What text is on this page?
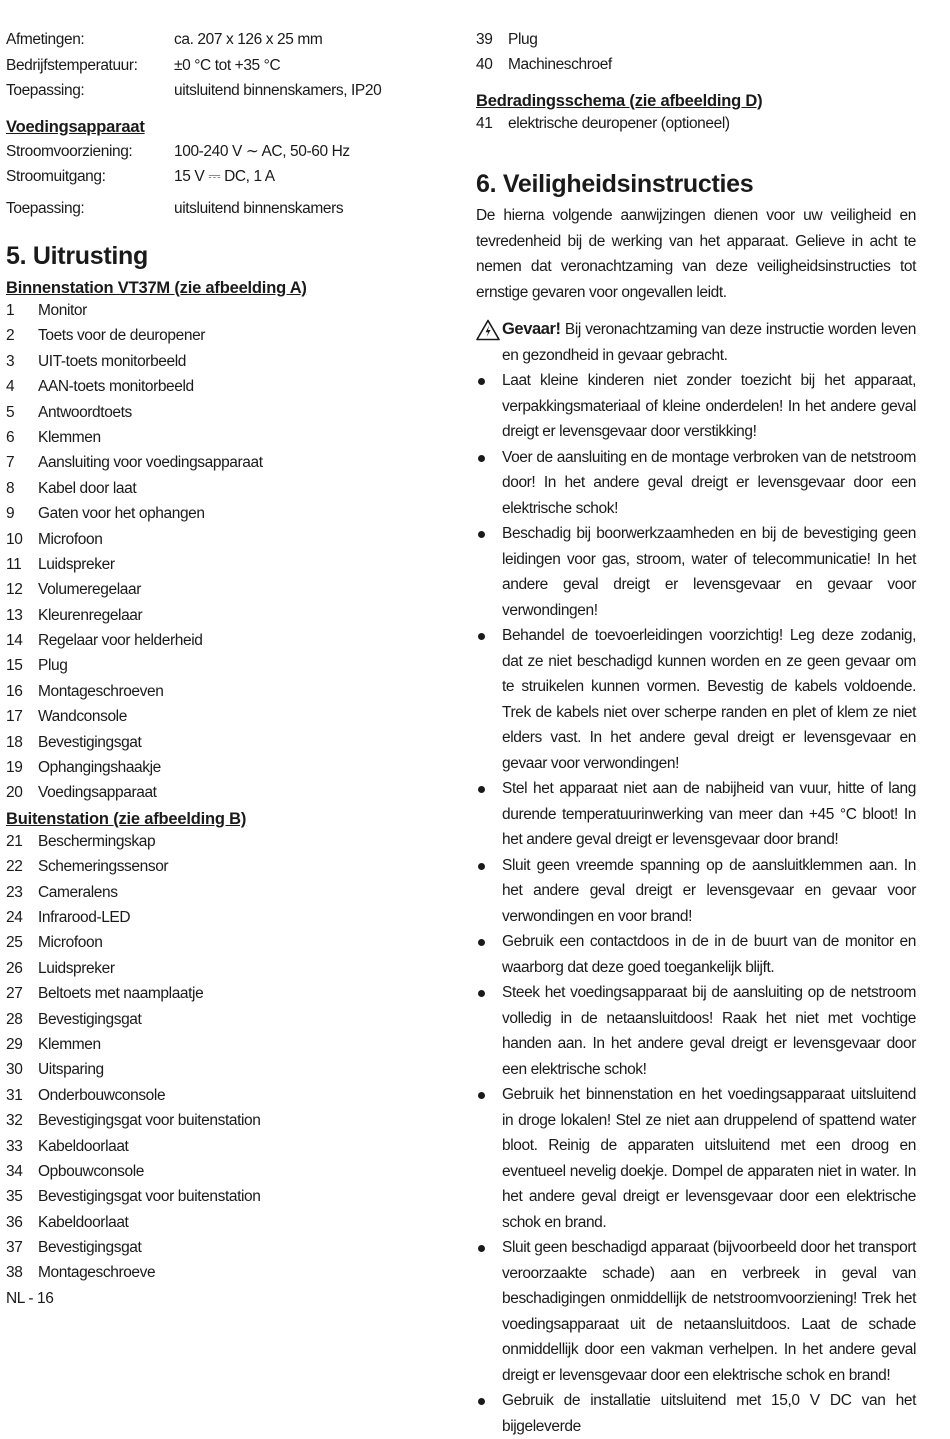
Afmetingen:	ca. 207 x 126 x 25 mm
Bedrijfstemperatuur: ±0 °C tot +35 °C
Toepassing:	uitsluitend binnenskamers, IP20
Voedingsapparaat
Stroomvoorziening:	100-240 V ∼ AC, 50-60 Hz
Stroomuitgang:	15 V ⎓ DC, 1 A
Toepassing:	uitsluitend binnenskamers
5. Uitrusting
Binnenstation VT37M (zie afbeelding A)
1 Monitor
2 Toets voor de deuropener
3 UIT-toets monitorbeeld
4 AAN-toets monitorbeeld
5 Antwoordtoets
6 Klemmen
7 Aansluiting voor voedingsapparaat
8 Kabel door laat
9 Gaten voor het ophangen
10 Microfoon
11 Luidspreker
12 Volumeregelaar
13 Kleurenregelaar
14 Regelaar voor helderheid
15 Plug
16 Montageschroeven
17 Wandconsole
18 Bevestigingsgat
19 Ophangingshaakje
20 Voedingsapparaat
Buitenstation (zie afbeelding B)
21 Beschermingskap
22 Schemeringssensor
23 Cameralens
24 Infrarood-LED
25 Microfoon
26 Luidspreker
27 Beltoets met naamplaatje
28 Bevestigingsgat
29 Klemmen
30 Uitsparing
31 Onderbouwconsole
32 Bevestigingsgat voor buitenstation
33 Kabeldoorlaat
34 Opbouwconsole
35 Bevestigingsgat voor buitenstation
36 Kabeldoorlaat
37 Bevestigingsgat
38 Montageschroeve
NL - 16
39 Plug
40 Machineschroef
Bedradingsschema (zie afbeelding D)
41 elektrische deuropener (optioneel)
6. Veiligheidsinstructies

De hierna volgende aanwijzingen dienen voor uw veiligheid en tevredenheid bij de werking van het apparaat. Gelieve in acht te nemen dat veronachtzaming van deze veiligheidsinstructies tot ernstige gevaren voor ongevallen leidt.

Gevaar! Bij veronachtzaming van deze instructie worden leven en gezondheid in gevaar gebracht.
Laat kleine kinderen niet zonder toezicht bij het apparaat, verpakkingsmateriaal of kleine onderdelen! In het andere geval dreigt er levensgevaar door verstikking!
Voer de aansluiting en de montage verbroken van de netstroom door! In het andere geval dreigt er levensgevaar door een elektrische schok!
Beschadig bij boorwerkzaamheden en bij de bevestiging geen leidingen voor gas, stroom, water of telecommunicatie! In het andere geval dreigt er levensgevaar en gevaar voor verwondingen!
Behandel de toevoerleidingen voorzichtig! Leg deze zodanig, dat ze niet beschadigd kunnen worden en ze geen gevaar om te struikelen kunnen vormen. Bevestig de kabels voldoende. Trek de kabels niet over scherpe randen en plet of klem ze niet elders vast. In het andere geval dreigt er levensgevaar en gevaar voor verwondingen!
Stel het apparaat niet aan de nabijheid van vuur, hitte of lang durende temperatuurinwerking van meer dan +45 °C bloot! In het andere geval dreigt er levensgevaar door brand!
Sluit geen vreemde spanning op de aansluitklemmen aan. In het andere geval dreigt er levensgevaar en gevaar voor verwondingen en voor brand!
Gebruik een contactdoos in de in de buurt van de monitor en waarborg dat deze goed toegankelijk blijft.
Steek het voedingsapparaat bij de aansluiting op de netstroom volledig in de netaansluitdoos! Raak het niet met vochtige handen aan. In het andere geval dreigt er levensgevaar door een elektrische schok!
Gebruik het binnenstation en het voedingsapparaat uitsluitend in droge lokalen! Stel ze niet aan druppelend of spattend water bloot. Reinig de apparaten uitsluitend met een droog en eventueel nevelig doekje. Dompel de apparaten niet in water. In het andere geval dreigt er levensgevaar door een elektrische schok en brand.
Sluit geen beschadigd apparaat (bijvoorbeeld door het transport veroorzaakte schade) aan en verbreek in geval van beschadigingen onmiddellijk de netstroomvoorziening! Trek het voedingsapparaat uit de netaansluitdoos. Laat de schade onmiddellijk door een vakman verhelpen. In het andere geval dreigt er levensgevaar door een elektrische schok en brand!
Gebruik de installatie uitsluitend met 15,0 V DC van het bijgeleverde
